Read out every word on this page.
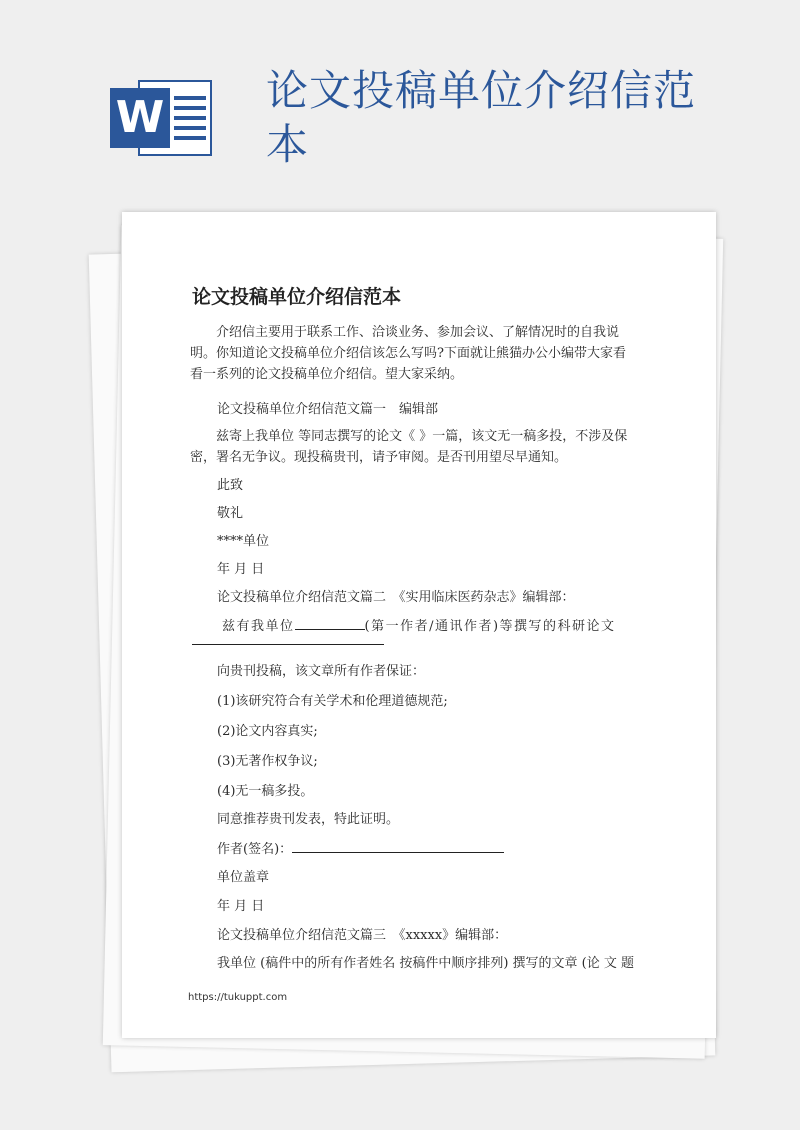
W
论文投稿单位介绍信范本
论文投稿单位介绍信范本

介绍信主要用于联系工作、洽谈业务、参加会议、了解情况时的自我说明。你知道论文投稿单位介绍信该怎么写吗?下面就让熊猫办公小编带大家看看一系列的论文投稿单位介绍信。望大家采纳。

论文投稿单位介绍信范文篇一　编辑部

兹寄上我单位 等同志撰写的论文《 》一篇，该文无一稿多投，不涉及保密，署名无争议。现投稿贵刊，请予审阅。是否刊用望尽早通知。

此致

敬礼

****单位

年 月 日

论文投稿单位介绍信范文篇二　《实用临床医药杂志》编辑部：

兹有我单位	(第一作者/通讯作者)等撰写的科研论文

向贵刊投稿，该文章所有作者保证：

(1)该研究符合有关学术和伦理道德规范;

(2)论文内容真实;

(3)无著作权争议;

(4)无一稿多投。

同意推荐贵刊发表，特此证明。

作者(签名)：

单位盖章

年 月 日

论文投稿单位介绍信范文篇三　《xxxxx》编辑部：

我单位 (稿件中的所有作者姓名 按稿件中顺序排列) 撰写的文章 (论 文 题

https://tukuppt.com
